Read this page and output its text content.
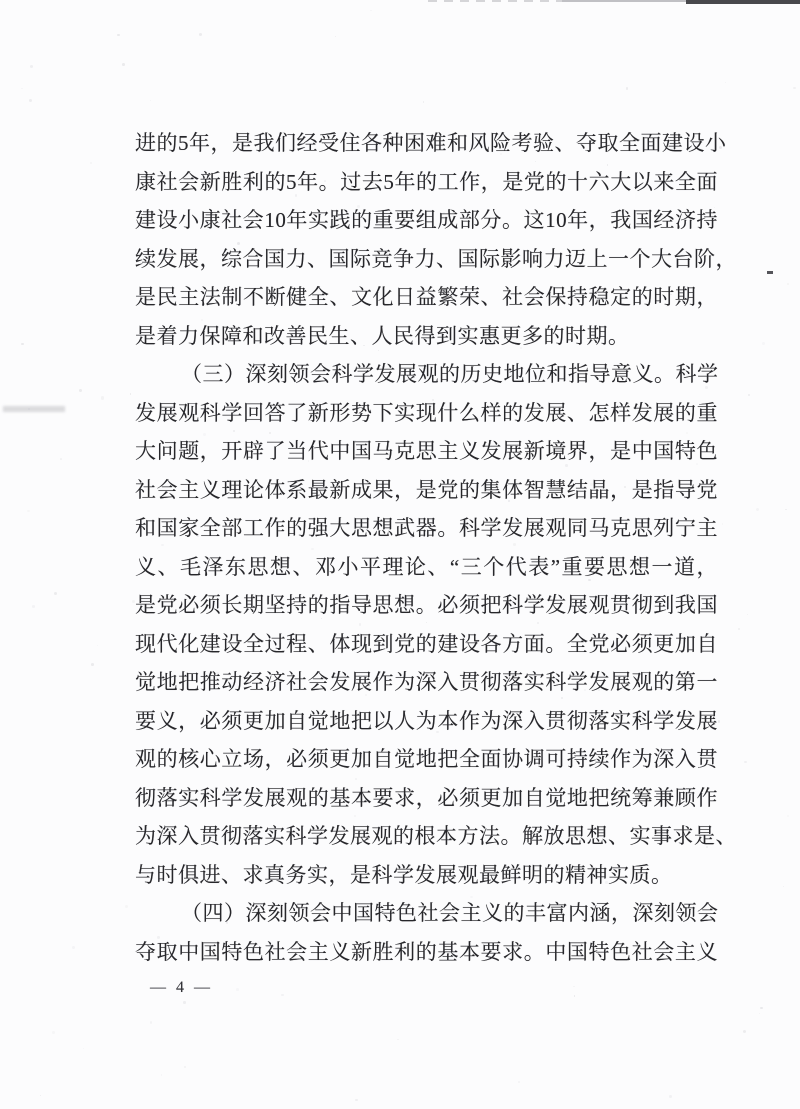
进的5年，是我们经受住各种困难和风险考验、夺取全面建设小
康社会新胜利的5年。过去5年的工作，是党的十六大以来全面
建设小康社会10年实践的重要组成部分。这10年，我国经济持
续发展，综合国力、国际竞争力、国际影响力迈上一个大台阶，
是民主法制不断健全、文化日益繁荣、社会保持稳定的时期，
是着力保障和改善民生、人民得到实惠更多的时期。
（三）深刻领会科学发展观的历史地位和指导意义。科学
发展观科学回答了新形势下实现什么样的发展、怎样发展的重
大问题，开辟了当代中国马克思主义发展新境界，是中国特色
社会主义理论体系最新成果，是党的集体智慧结晶，是指导党
和国家全部工作的强大思想武器。科学发展观同马克思列宁主
义、毛泽东思想、邓小平理论、“三个代表”重要思想一道，
是党必须长期坚持的指导思想。必须把科学发展观贯彻到我国
现代化建设全过程、体现到党的建设各方面。全党必须更加自
觉地把推动经济社会发展作为深入贯彻落实科学发展观的第一
要义，必须更加自觉地把以人为本作为深入贯彻落实科学发展
观的核心立场，必须更加自觉地把全面协调可持续作为深入贯
彻落实科学发展观的基本要求，必须更加自觉地把统筹兼顾作
为深入贯彻落实科学发展观的根本方法。解放思想、实事求是、
与时俱进、求真务实，是科学发展观最鲜明的精神实质。
（四）深刻领会中国特色社会主义的丰富内涵，深刻领会
夺取中国特色社会主义新胜利的基本要求。中国特色社会主义
— 4 —
